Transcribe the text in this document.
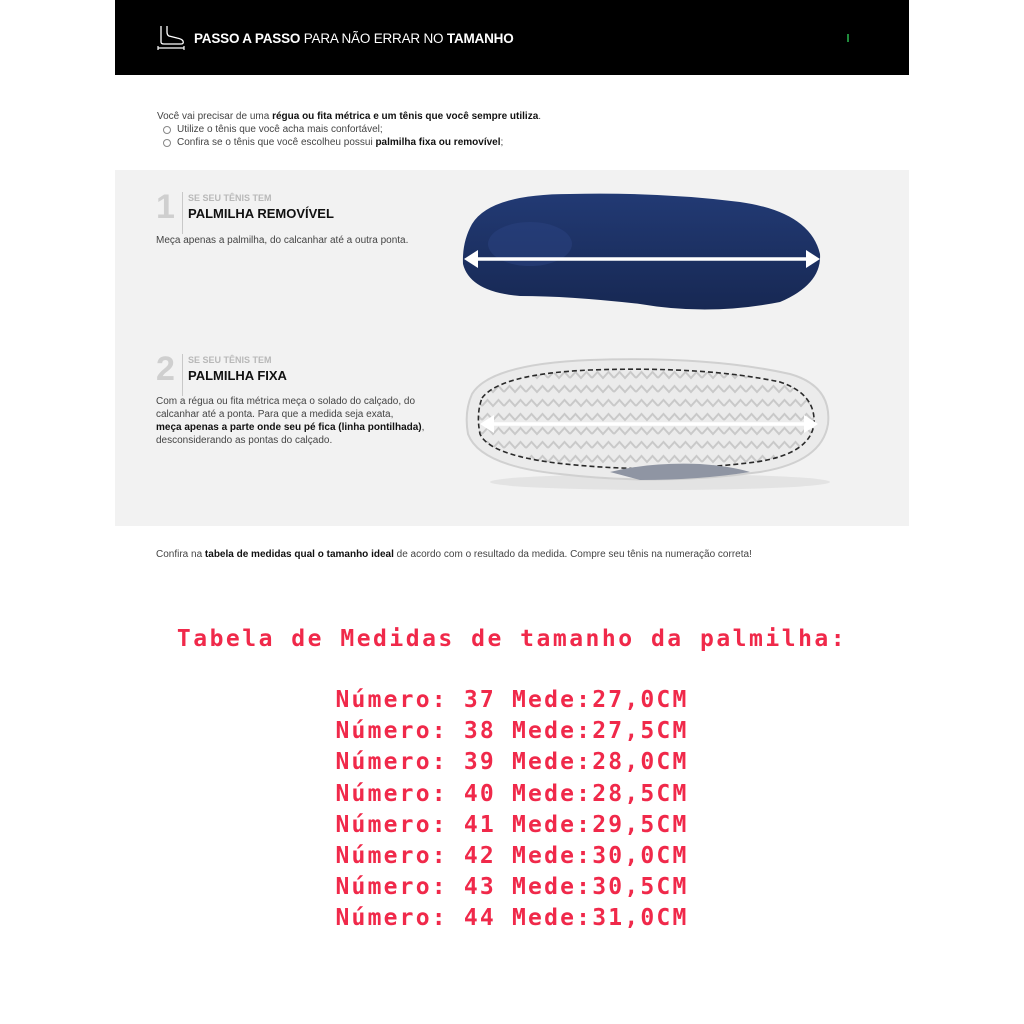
PASSO A PASSO PARA NÃO ERRAR NO TAMANHO
Você vai precisar de uma régua ou fita métrica e um tênis que você sempre utiliza.
Utilize o tênis que você acha mais confortável;
Confira se o tênis que você escolheu possui palmilha fixa ou removível;
1 SE SEU TÊNIS TEM
PALMILHA REMOVÍVEL
Meça apenas a palmilha, do calcanhar até a outra ponta.
2 SE SEU TÊNIS TEM
PALMILHA FIXA
Com a régua ou fita métrica meça o solado do calçado, do
calcanhar até a ponta. Para que a medida seja exata,
meça apenas a parte onde seu pé fica (linha pontilhada),
desconsiderando as pontas do calçado.
Confira na tabela de medidas qual o tamanho ideal de acordo com o resultado da medida. Compre seu tênis na numeração correta!
Tabela de Medidas de tamanho da palmilha:
Número: 37 Mede:27,0CM
Número: 38 Mede:27,5CM
Número: 39 Mede:28,0CM
Número: 40 Mede:28,5CM
Número: 41 Mede:29,5CM
Número: 42 Mede:30,0CM
Número: 43 Mede:30,5CM
Número: 44 Mede:31,0CM
